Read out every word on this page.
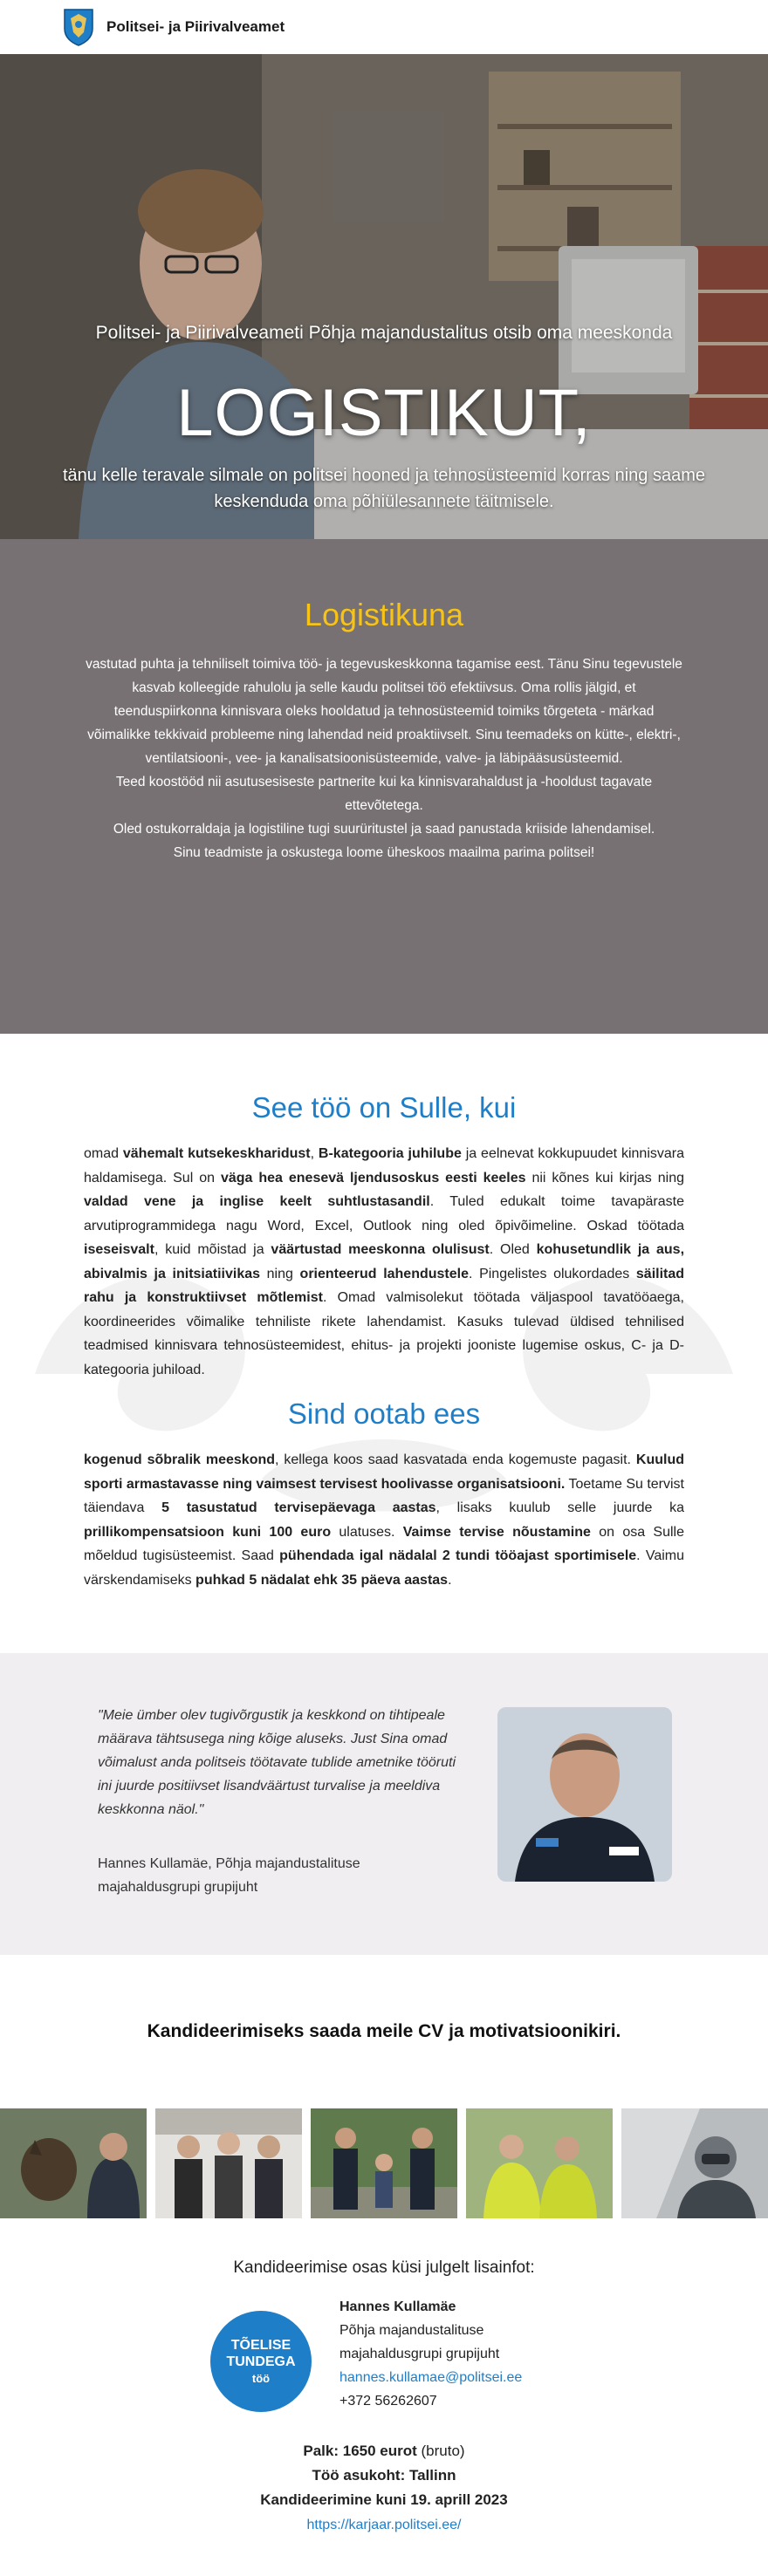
Politsei- ja Piirivalveamet
Politsei- ja Piirivalveameti Põhja majandustalitus otsib oma meeskonda
LOGISTIKUT,
tänu kelle teravale silmale on politsei hooned ja tehnosüsteemid korras ning saame keskenduda oma põhiülesannete täitmisele.
Logistikuna

vastutad puhta ja tehniliselt toimiva töö- ja tegevuskeskkonna tagamise eest. Tänu Sinu tegevustele kasvab kolleegide rahulolu ja selle kaudu politsei töö efektiivsus. Oma rollis jälgid, et teenduspiirkonna kinnisvara oleks hooldatud ja tehnosüsteemid toimiks tõrgeteta - märkad võimalikke tekkivaid probleeme ning lahendad neid proaktiivselt. Sinu teemadeks on kütte-, elektri-, ventilatsiooni-, vee- ja kanalisatsioonisüsteemide, valve- ja läbipääsusüsteemid.

Teed koostööd nii asutusesiseste partnerite kui ka kinnisvarahaldust ja -hooldust tagavate ettevõtetega.

Oled ostukorraldaja ja logistiline tugi suurüritustel ja saad panustada kriiside lahendamisel.

Sinu teadmiste ja oskustega loome üheskoos maailma parima politsei!

See töö on Sulle, kui

omad vähemalt kutsekeskharidust, B-kategooria juhilube ja eelnevat kokkupuudet kinnisvara haldamisega. Sul on väga hea enesevä ljendusoskus eesti keeles nii kõnes kui kirjas ning valdad vene ja inglise keelt suhtlustasandil. Tuled edukalt toime tavapäraste arvutiprogrammidega nagu Word, Excel, Outlook ning oled õpivõimeline. Oskad töötada iseseisvalt, kuid mõistad ja väärtustad meeskonna olulisust. Oled kohusetundlik ja aus, abivalmis ja initsiatiivikas ning orienteerud lahendustele. Pingelistes olukordades säilitad rahu ja konstruktiivset mõtlemist. Omad valmisolekut töötada väljaspool tavatööaega, koordineerides võimalike tehniliste rikete lahendamist. Kasuks tulevad üldised tehnilised teadmised kinnisvara tehnosüsteemidest, ehitus- ja projekti jooniste lugemise oskus, C- ja D-kategooria juhiload.

Sind ootab ees

kogenud sõbralik meeskond, kellega koos saad kasvatada enda kogemuste pagasit. Kuulud sporti armastavasse ning vaimsest tervisest hoolivasse organisatsiooni. Toetame Su tervist täiendava 5 tasustatud tervisepäevaga aastas, lisaks kuulub selle juurde ka prillikompensatsioon kuni 100 euro ulatuses. Vaimse tervise nõustamine on osa Sulle mõeldud tugisüsteemist. Saad pühendada igal nädalal 2 tundi tööajast sportimisele. Vaimu värskendamiseks puhkad 5 nädalat ehk 35 päeva aastas.

"Meie ümber olev tugivõrgustik ja keskkond on tihtipeale määrava tähtsusega ning kõige aluseks. Just Sina omad võimalust anda politseis töötavate tublide ametnike tööruti ini juurde positiivset lisandväärtust turvalise ja meeldiva keskkonna näol."
Hannes Kullamäe, Põhja majandustalituse majahaldusgrupi grupijuht
Kandideerimiseks saada meile CV ja motivatsioonikiri.
Kandideerimise osas küsi julgelt lisainfot:
TÕELISE
TUNDEGA
töö
Hannes Kullamäe
Põhja majandustalituse
majahaldusgrupi grupijuht
hannes.kullamae@politsei.ee
+372 56262607
Palk: 1650 eurot (bruto)
Töö asukoht: Tallinn
Kandideerimine kuni 19. aprill 2023
https://karjaar.politsei.ee/
